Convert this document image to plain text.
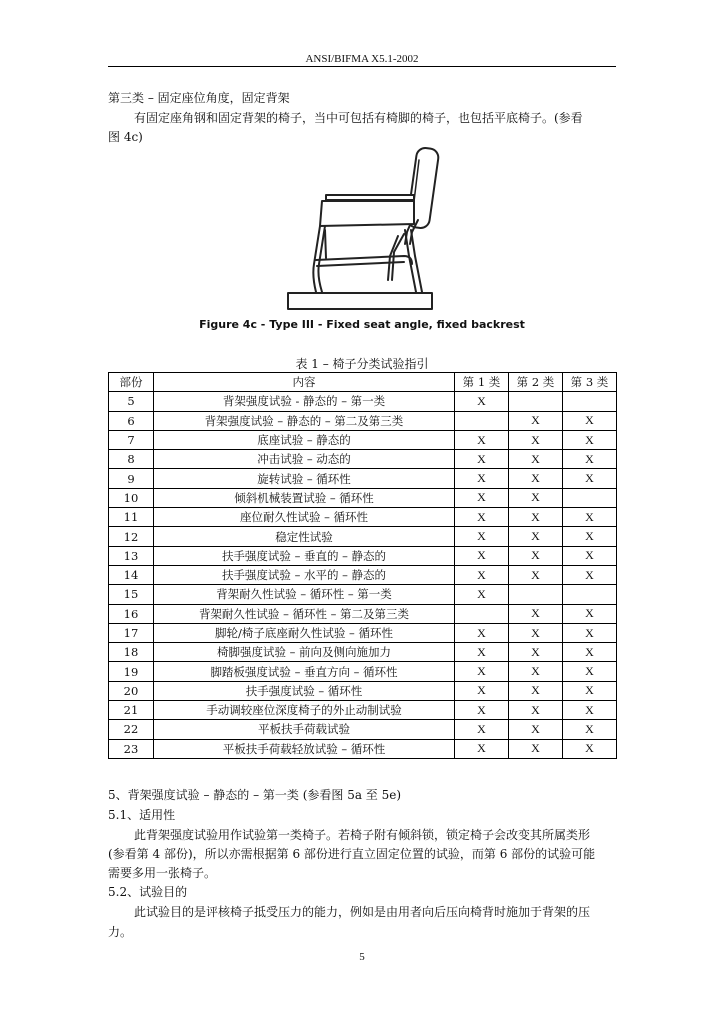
ANSI/BIFMA X5.1-2002
第三类 – 固定座位角度，固定背架
有固定座角钢和固定背架的椅子，当中可包括有椅脚的椅子，也包括平底椅子。(参看
图 4c)
Figure 4c - Type III - Fixed seat angle, fixed backrest
表 1 – 椅子分类试验指引
部份	内容	第 1 类	第 2 类	第 3 类
5	背架强度试验 - 静态的 – 第一类	X		
6	背架强度试验 – 静态的 – 第二及第三类		X	X
7	底座试验 – 静态的	X	X	X
8	冲击试验 – 动态的	X	X	X
9	旋转试验 – 循环性	X	X	X
10	倾斜机械装置试验 – 循环性	X	X	
11	座位耐久性试验 – 循环性	X	X	X
12	稳定性试验	X	X	X
13	扶手强度试验 – 垂直的 – 静态的	X	X	X
14	扶手强度试验 – 水平的 – 静态的	X	X	X
15	背架耐久性试验 – 循环性 – 第一类	X		
16	背架耐久性试验 – 循环性 – 第二及第三类		X	X
17	脚轮/椅子底座耐久性试验 – 循环性	X	X	X
18	椅脚强度试验 – 前向及侧向施加力	X	X	X
19	脚踏板强度试验 – 垂直方向 – 循环性	X	X	X
20	扶手强度试验 – 循环性	X	X	X
21	手动调较座位深度椅子的外止动制试验	X	X	X
22	平板扶手荷载试验	X	X	X
23	平板扶手荷载轻放试验 – 循环性	X	X	X
5、背架强度试验 – 静态的 – 第一类 (参看图 5a 至 5e)
5.1、适用性
此背架强度试验用作试验第一类椅子。若椅子附有倾斜锁，锁定椅子会改变其所属类形
(参看第 4 部份)，所以亦需根据第 6 部份进行直立固定位置的试验，而第 6 部份的试验可能
需要多用一张椅子。
5.2、试验目的
此试验目的是评核椅子抵受压力的能力，例如是由用者向后压向椅背时施加于背架的压
力。
5
